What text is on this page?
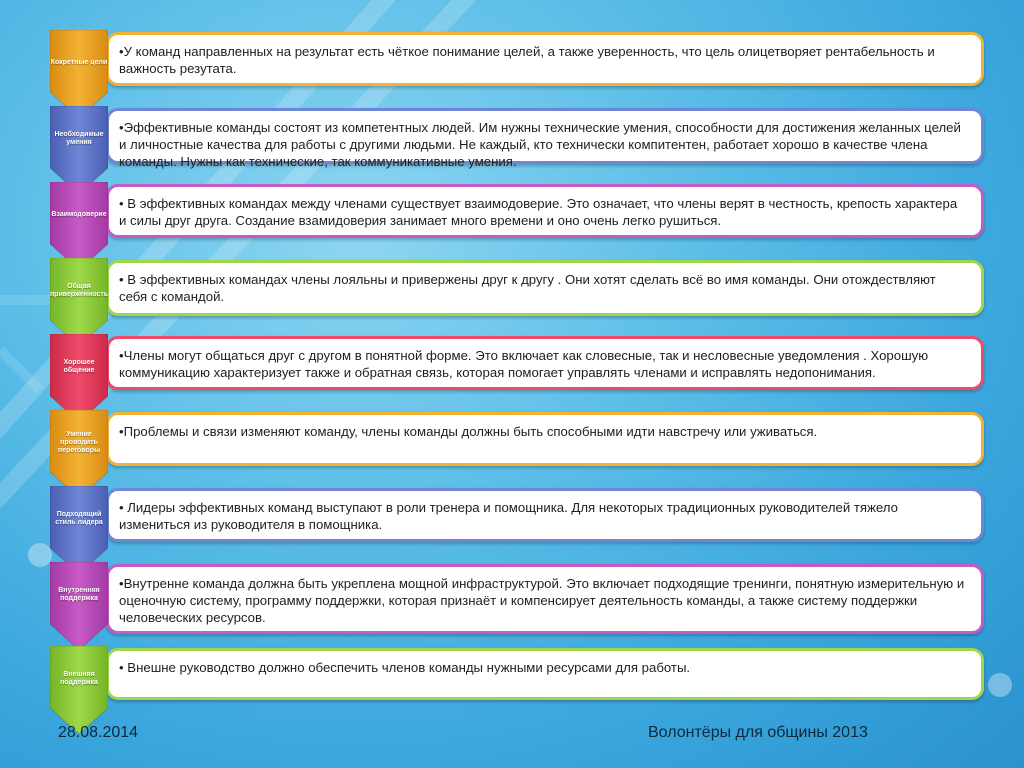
•У команд направленных на результат есть чёткое понимание целей, а также уверенность, что цель олицетворяет рентабельность и важность резутата.
Кокретные цели
•Эффективные команды состоят из компетентных людей. Им нужны технические умения, способности для достижения желанных целей и личностные качества для работы с другими людьми. Не каждый, кто технически компитентен, работает хорошо в качестве члена команды. Нужны как технические, так коммуникативные умения.
Необходимые умения
• В эффективных командах между членами существует взаимодоверие. Это означает, что члены верят в честность, крепость характера и силы друг друга. Создание взамидоверия занимает много времени и оно очень легко рушиться.
Взаимодоверие
• В эффективных командах члены лояльны и привержены друг к другу . Они хотят сделать всё во имя команды. Они отождествляют себя с командой.
Общая приверженность
•Члены могут общаться друг с другом в понятной форме. Это включает как словесные, так и несловесные уведомления . Хорошую коммуникацию характеризует также и обратная связь, которая помогает управлять членами и исправлять недопонимания.
Хорошее общение
•Проблемы и связи изменяют команду, члены команды должны быть способными идти навстречу или уживаться.
Умение проводить переговоры
• Лидеры эффективных команд выступают в роли тренера и помощника. Для некоторых традиционных руководителей тяжело измениться из руководителя в помощника.
Подходящий стиль лидера
•Внутренне команда должна быть укреплена мощной инфраструктурой. Это включает подходящие тренинги, понятную измерительную и оценочную систему, программу поддержки, которая признаёт и компенсирует деятельность команды, а также систему поддержки человеческих ресурсов.
Внутренняя поддержка
• Внешне руководство должно обеспечить членов команды нужными ресурсами для работы.
Внешняя поддержка
28.08.2014	Волонтёры для общины 2013
